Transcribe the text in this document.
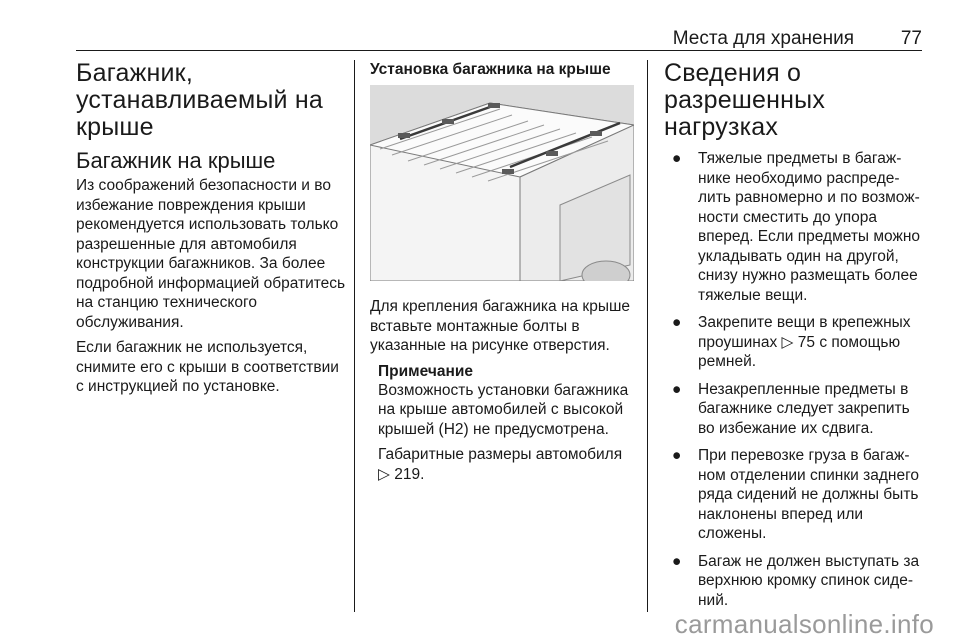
Места для хранения 77
Багажник, устанавливаемый на крыше
Багажник на крыше

Из соображений безопасности и во избежание повреждения крыши рекомендуется использовать только разрешенные для автомобиля конструкции багажников. За более подробной информацией обратитесь на станцию технического обслуживания.

Если багажник не используется, снимите его с крыши в соответствии с инструкцией по установке.

Установка багажника на крыше

Для крепления багажника на крыше вставьте монтажные болты в указанные на рисунке отверстия.

Примечание

Возможность установки багажника на крыше автомобилей с высокой крышей (H2) не предусмотрена.

Габаритные размеры автомобиля ▷ 219.

Сведения о разрешенных нагрузках
● Тяжелые предметы в багажнике необходимо распределить равномерно и по возможности сместить до упора вперед. Если предметы можно укладывать один на другой, снизу нужно размещать более тяжелые вещи.
● Закрепите вещи в крепежных проушинах ▷ 75 с помощью ремней.
● Незакрепленные предметы в багажнике следует закрепить во избежание их сдвига.
● При перевозке груза в багажном отделении спинки заднего ряда сидений не должны быть наклонены вперед или сложены.
● Багаж не должен выступать за верхнюю кромку спинок сидений.
carmanualsonline.info
